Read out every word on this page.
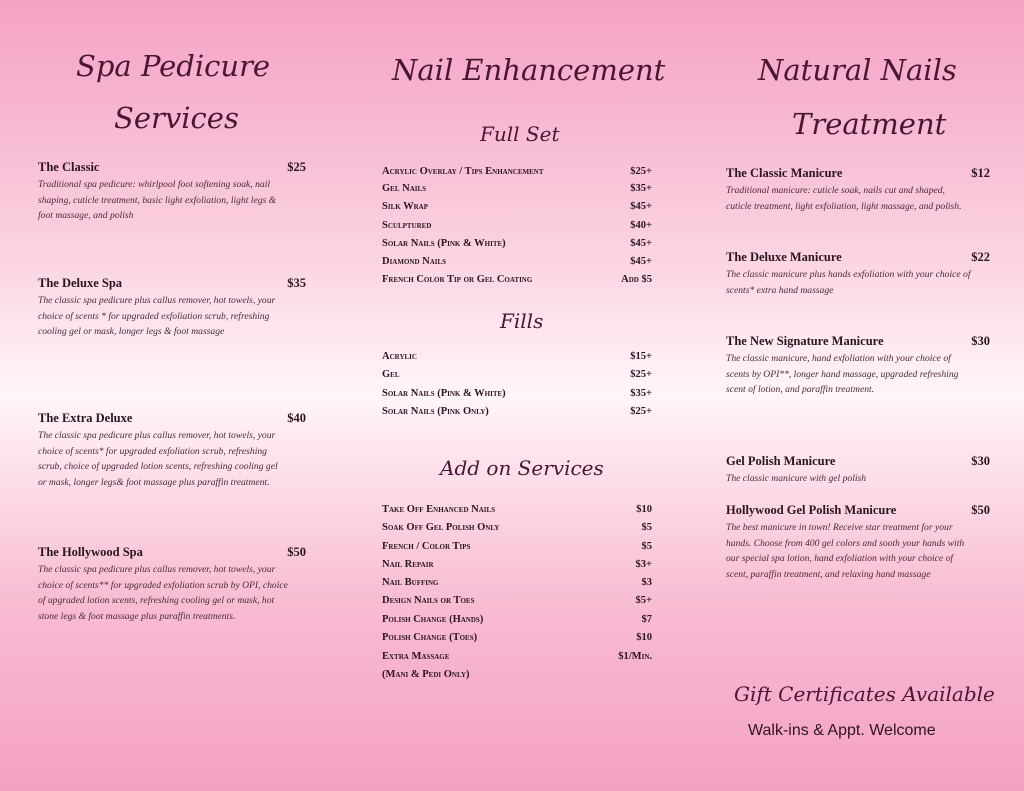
Spa Pedicure
Services
The Classic	$25
Traditional spa pedicure: whirlpool foot softening soak, nail shaping, cuticle treatment, basic light exfoliation, light legs & foot massage, and polish
The Deluxe Spa	$35
The classic spa pedicure plus callus remover, hot towels, your choice of scents * for upgraded exfoliation scrub, refreshing cooling gel or mask, longer legs & foot massage
The Extra Deluxe	$40
The classic spa pedicure plus callus remover, hot towels, your choice of scents* for upgraded exfoliation scrub, refreshing scrub, choice of upgraded lotion scents, refreshing cooling gel or mask, longer legs& foot massage plus paraffin treatment.
The Hollywood Spa	$50
The classic spa pedicure plus callus remover, hot towels, your choice of scents** for upgraded exfoliation scrub by OPI, choice of upgraded lotion scents, refreshing cooling gel or mask, hot stone legs & foot massage plus paraffin treatments.
Nail Enhancement
Full Set
Acrylic Overlay / Tips Enhancement	$25+
Gel Nails	$35+
Silk Wrap	$45+
Sculptured	$40+
Solar Nails (Pink & White)	$45+
Diamond Nails	$45+
French Color Tip or Gel Coating	Add $5
Fills
Acrylic	$15+
Gel	$25+
Solar Nails (Pink & White)	$35+
Solar Nails (Pink Only)	$25+
Add on Services
Take Off Enhanced Nails	$10
Soak Off Gel Polish Only	$5
French / Color Tips	$5
Nail Repair	$3+
Nail Buffing	$3
Design Nails or Toes	$5+
Polish Change (Hands)	$7
Polish Change (Toes)	$10
Extra Massage	$1/Min.
(Mani & Pedi Only)
Natural Nails
Treatment
The Classic Manicure	$12
Traditional manicure: cuticle soak, nails cut and shaped, cuticle treatment, light exfoliation, light massage, and polish.
The Deluxe Manicure	$22
The classic manicure plus hands exfoliation with your choice of scents* extra hand massage
The New Signature Manicure	$30
The classic manicure, hand exfoliation with your choice of scents by OPI**, longer hand massage, upgraded refreshing scent of lotion, and paraffin treatment.
Gel Polish Manicure	$30
The classic manicure with gel polish
Hollywood Gel Polish Manicure	$50
The best manicure in town! Receive star treatment for your hands. Choose from 400 gel colors and sooth your hands with our special spa lotion, hand exfoliation with your choice of scent, paraffin treatment, and relaxing hand massage
Gift Certificates Available
Walk-ins & Appt. Welcome
